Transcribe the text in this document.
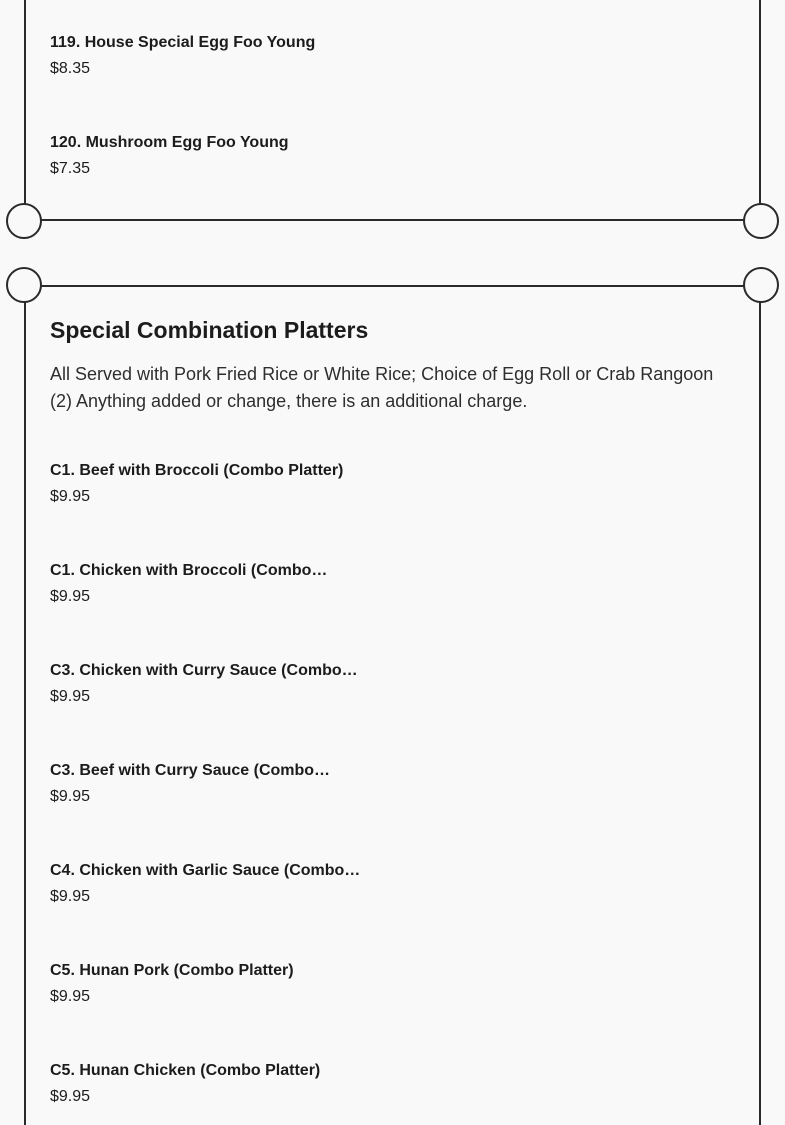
119. House Special Egg Foo Young
$8.35
120. Mushroom Egg Foo Young
$7.35
Special Combination Platters

All Served with Pork Fried Rice or White Rice; Choice of Egg Roll or Crab Rangoon (2) Anything added or change, there is an additional charge.

C1. Beef with Broccoli (Combo Platter)
$9.95
C1. Chicken with Broccoli (Combo…
$9.95
C3. Chicken with Curry Sauce (Combo…
$9.95
C3. Beef with Curry Sauce (Combo…
$9.95
C4. Chicken with Garlic Sauce (Combo…
$9.95
C5. Hunan Pork (Combo Platter)
$9.95
C5. Hunan Chicken (Combo Platter)
$9.95
